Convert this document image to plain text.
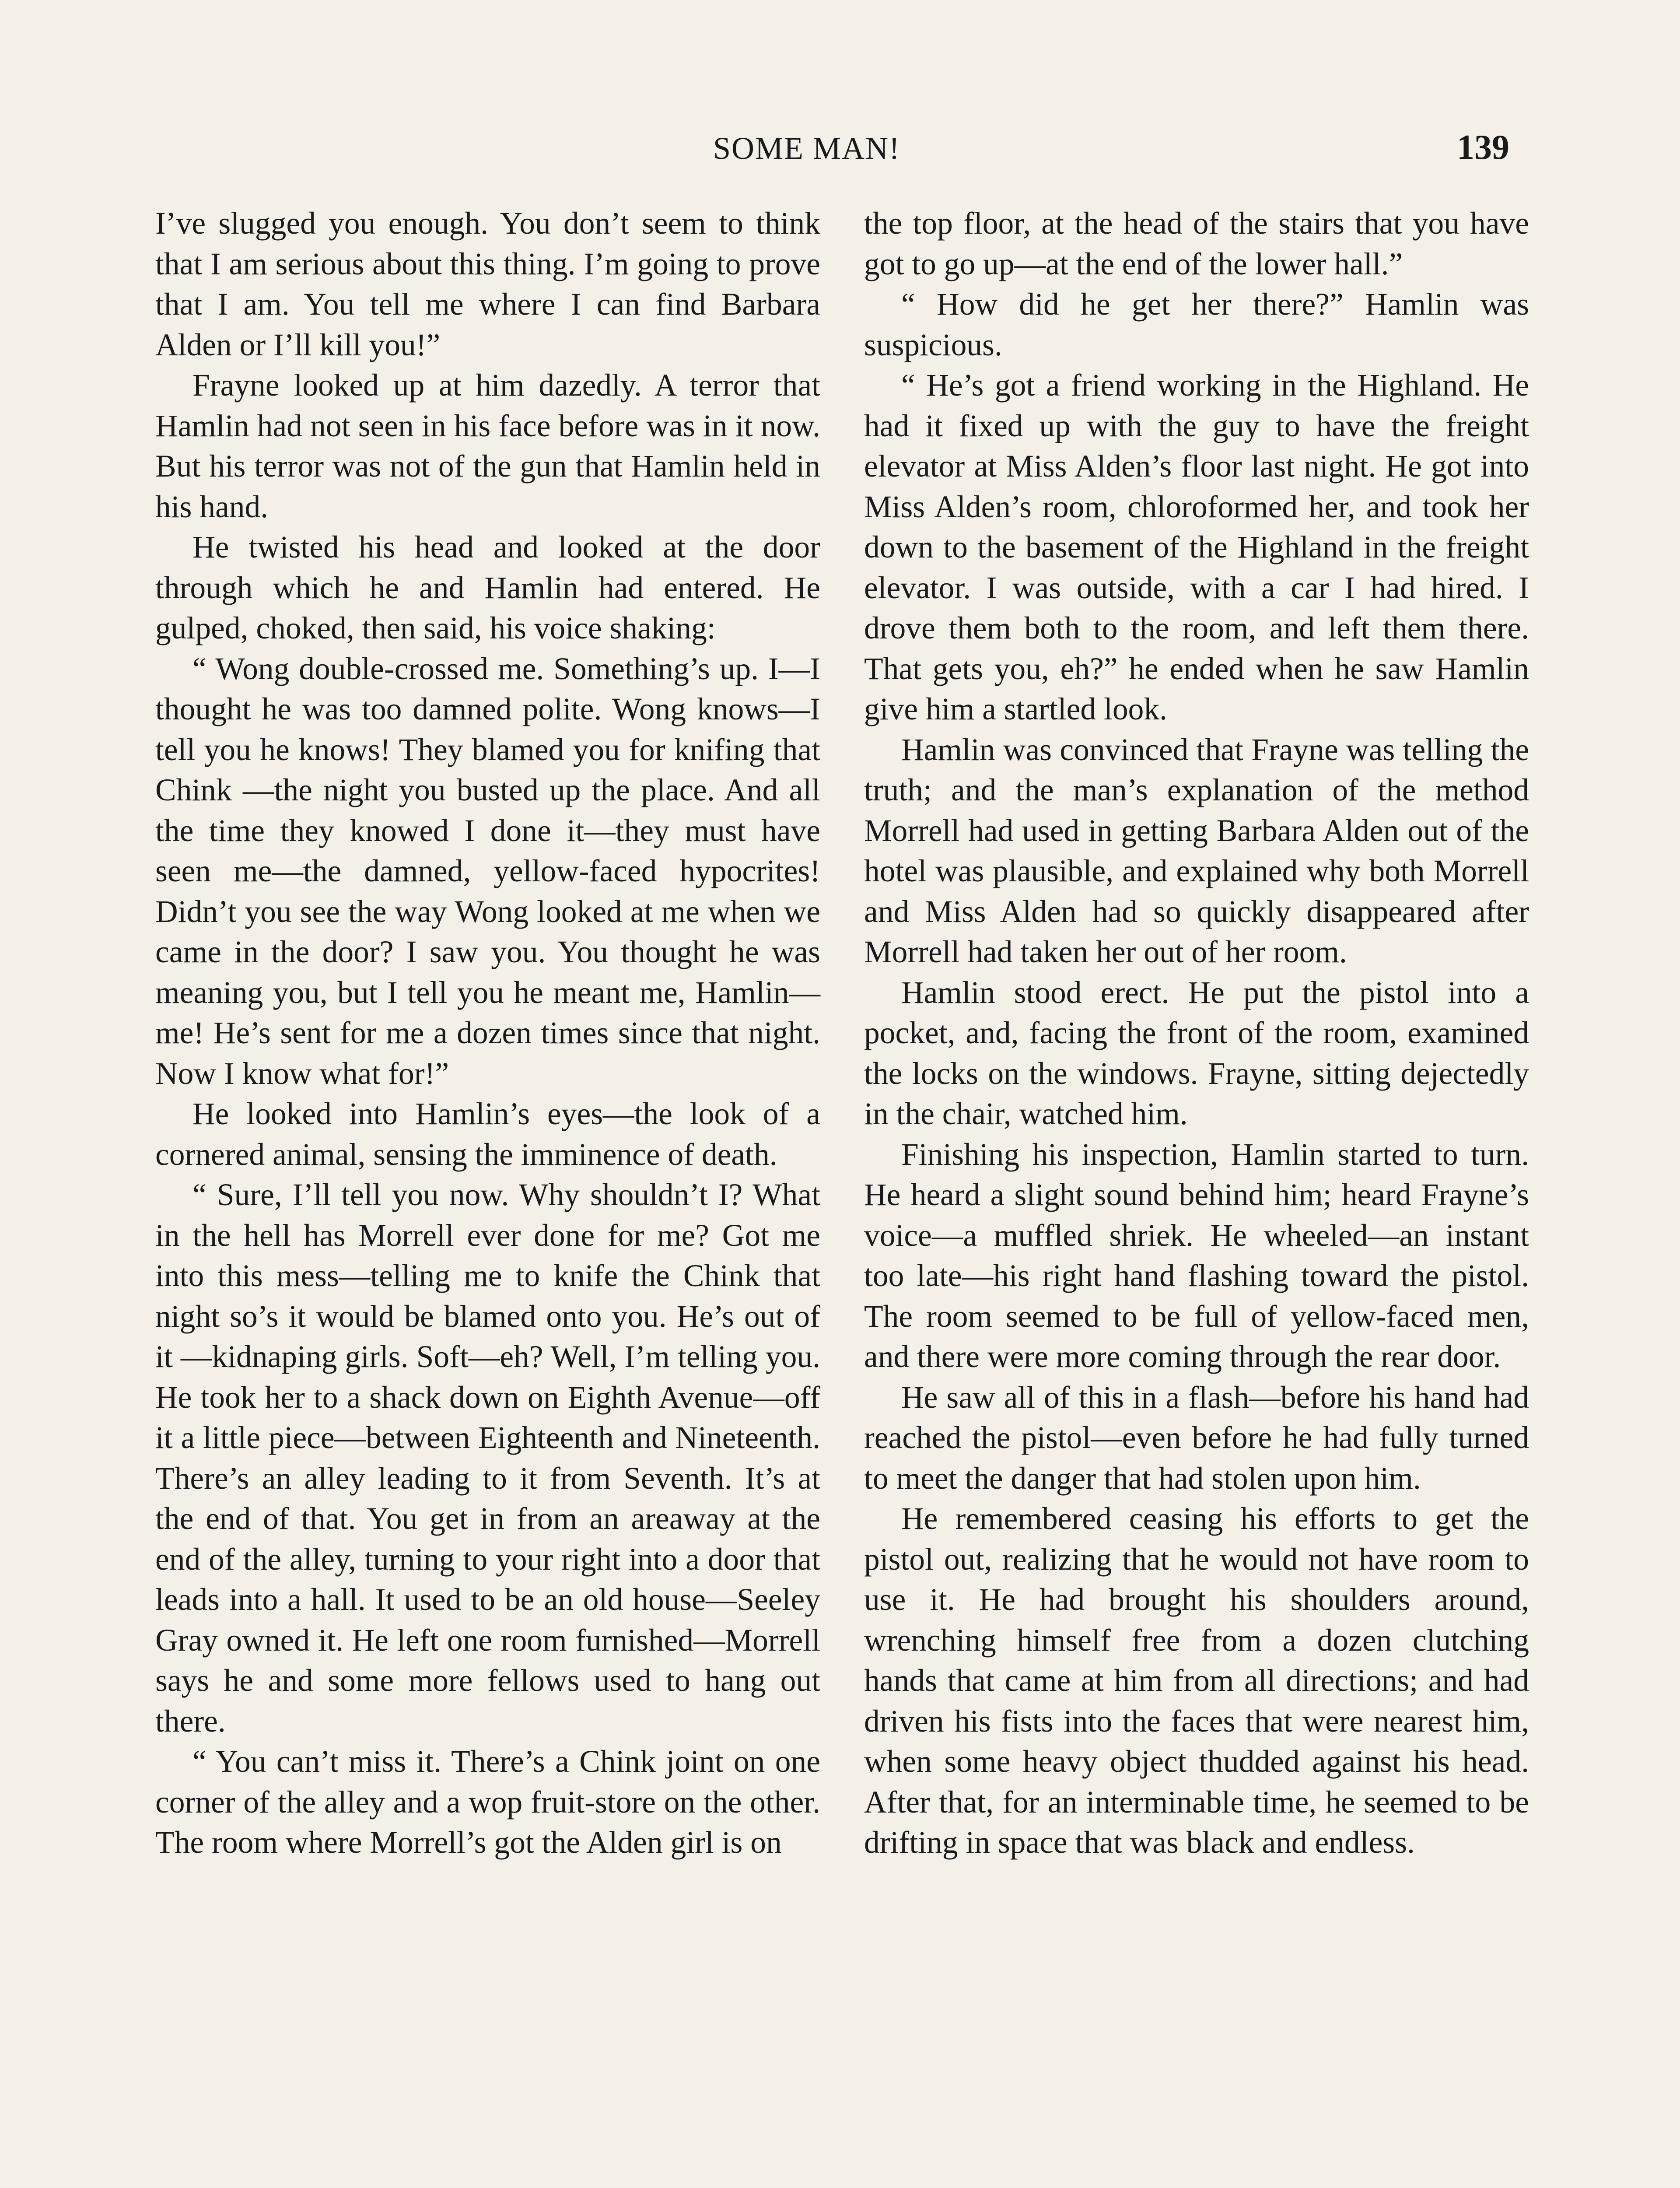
SOME MAN!	139

I’ve slugged you enough. You don’t seem to think that I am serious about this thing. I’m going to prove that I am. You tell me where I can find Barbara Alden or I’ll kill you!”

Frayne looked up at him dazedly. A terror that Hamlin had not seen in his face before was in it now. But his terror was not of the gun that Hamlin held in his hand.

He twisted his head and looked at the door through which he and Hamlin had entered. He gulped, choked, then said, his voice shaking:

“ Wong double-crossed me. Something’s up. I—I thought he was too damned polite. Wong knows—I tell you he knows! They blamed you for knifing that Chink —the night you busted up the place. And all the time they knowed I done it—they must have seen me—the damned, yellow-faced hypocrites! Didn’t you see the way Wong looked at me when we came in the door? I saw you. You thought he was meaning you, but I tell you he meant me, Hamlin—me! He’s sent for me a dozen times since that night. Now I know what for!”

He looked into Hamlin’s eyes—the look of a cornered animal, sensing the imminence of death.

“ Sure, I’ll tell you now. Why shouldn’t I? What in the hell has Morrell ever done for me? Got me into this mess—telling me to knife the Chink that night so’s it would be blamed onto you. He’s out of it —kidnaping girls. Soft—eh? Well, I’m telling you. He took her to a shack down on Eighth Avenue—off it a little piece—between Eighteenth and Nineteenth. There’s an alley leading to it from Seventh. It’s at the end of that. You get in from an areaway at the end of the alley, turning to your right into a door that leads into a hall. It used to be an old house—Seeley Gray owned it. He left one room furnished—Morrell says he and some more fellows used to hang out there.

“ You can’t miss it. There’s a Chink joint on one corner of the alley and a wop fruit-store on the other. The room where Morrell’s got the Alden girl is on

the top floor, at the head of the stairs that you have got to go up—at the end of the lower hall.”

“ How did he get her there?” Hamlin was suspicious.

“ He’s got a friend working in the Highland. He had it fixed up with the guy to have the freight elevator at Miss Alden’s floor last night. He got into Miss Alden’s room, chloroformed her, and took her down to the basement of the Highland in the freight elevator. I was outside, with a car I had hired. I drove them both to the room, and left them there. That gets you, eh?” he ended when he saw Hamlin give him a startled look.

Hamlin was convinced that Frayne was telling the truth; and the man’s explanation of the method Morrell had used in getting Barbara Alden out of the hotel was plausible, and explained why both Morrell and Miss Alden had so quickly disappeared after Morrell had taken her out of her room.

Hamlin stood erect. He put the pistol into a pocket, and, facing the front of the room, examined the locks on the windows. Frayne, sitting dejectedly in the chair, watched him.

Finishing his inspection, Hamlin started to turn. He heard a slight sound behind him; heard Frayne’s voice—a muffled shriek. He wheeled—an instant too late—his right hand flashing toward the pistol. The room seemed to be full of yellow-faced men, and there were more coming through the rear door.

He saw all of this in a flash—before his hand had reached the pistol—even before he had fully turned to meet the danger that had stolen upon him.

He remembered ceasing his efforts to get the pistol out, realizing that he would not have room to use it. He had brought his shoulders around, wrenching himself free from a dozen clutching hands that came at him from all directions; and had driven his fists into the faces that were nearest him, when some heavy object thudded against his head. After that, for an interminable time, he seemed to be drifting in space that was black and endless.
